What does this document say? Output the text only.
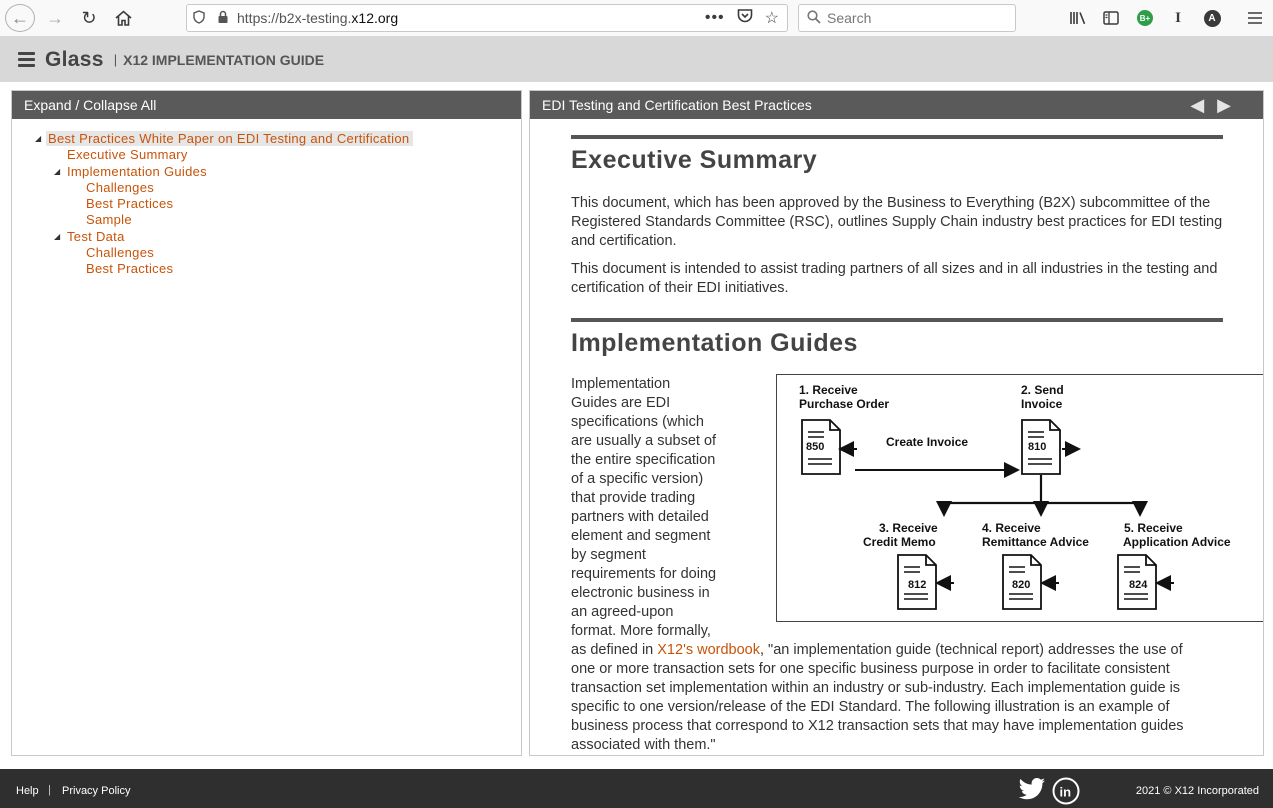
← → ↻	https://b2x-testing.x12.org	•••	☆	Search	B+	I	A
Glass | X12 IMPLEMENTATION GUIDE
Expand / Collapse All
◢ Best Practices White Paper on EDI Testing and Certification
Executive Summary
◢ Implementation Guides
Challenges
Best Practices
Sample
◢ Test Data
Challenges
Best Practices
EDI Testing and Certification Best Practices	◀ ▶
Executive Summary

This document, which has been approved by the Business to Everything (B2X) subcommittee of the Registered Standards Committee (RSC), outlines Supply Chain industry best practices for EDI testing and certification.

This document is intended to assist trading partners of all sizes and in all industries in the testing and certification of their EDI initiatives.

Implementation Guides
Implementation
Guides are EDI
specifications (which
are usually a subset of
the entire specification
of a specific version)
that provide trading
partners with detailed
element and segment
by segment
requirements for doing
electronic business in
an agreed-upon
format. More formally,
as defined in X12's wordbook, "an implementation guide (technical report) addresses the use of
one or more transaction sets for one specific business purpose in order to facilitate consistent
transaction set implementation within an industry or sub-industry. Each implementation guide is
specific to one version/release of the EDI Standard. The following illustration is an example of
business process that correspond to X12 transaction sets that may have implementation guides
associated with them."
1. Receive Purchase Order
2. Send Invoice
850	Create Invoice	810
3. Receive Credit Memo
4. Receive Remittance Advice
5. Receive Application Advice
812	820	824
Help | Privacy Policy	in	2021 © X12 Incorporated
